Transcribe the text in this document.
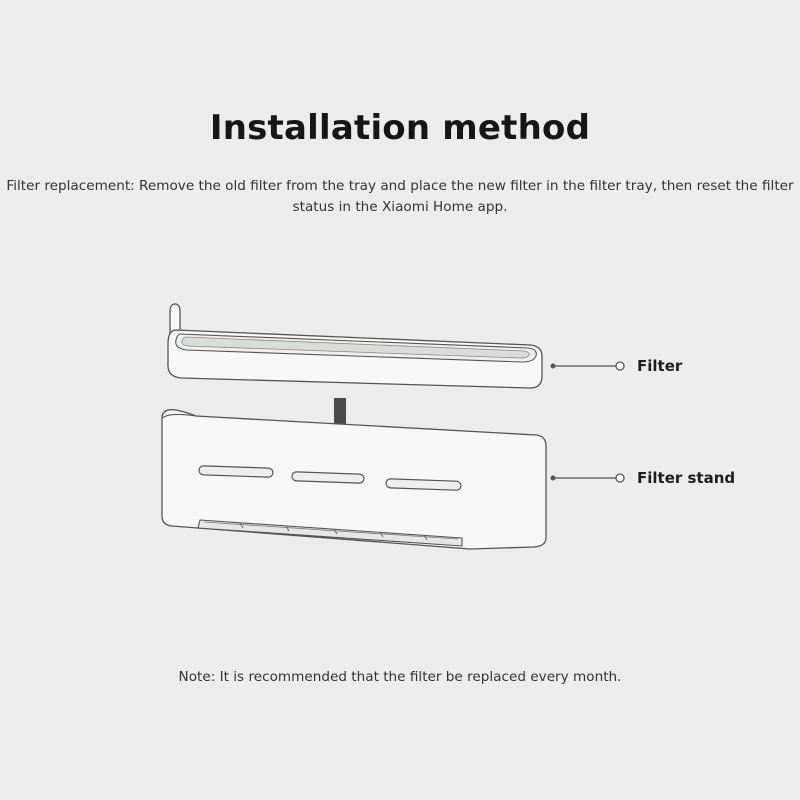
Installation method

Filter replacement: Remove the old filter from the tray and place the new filter in the filter tray, then reset the filter status in the Xiaomi Home app.

Filter
Filter stand

Note: It is recommended that the filter be replaced every month.
